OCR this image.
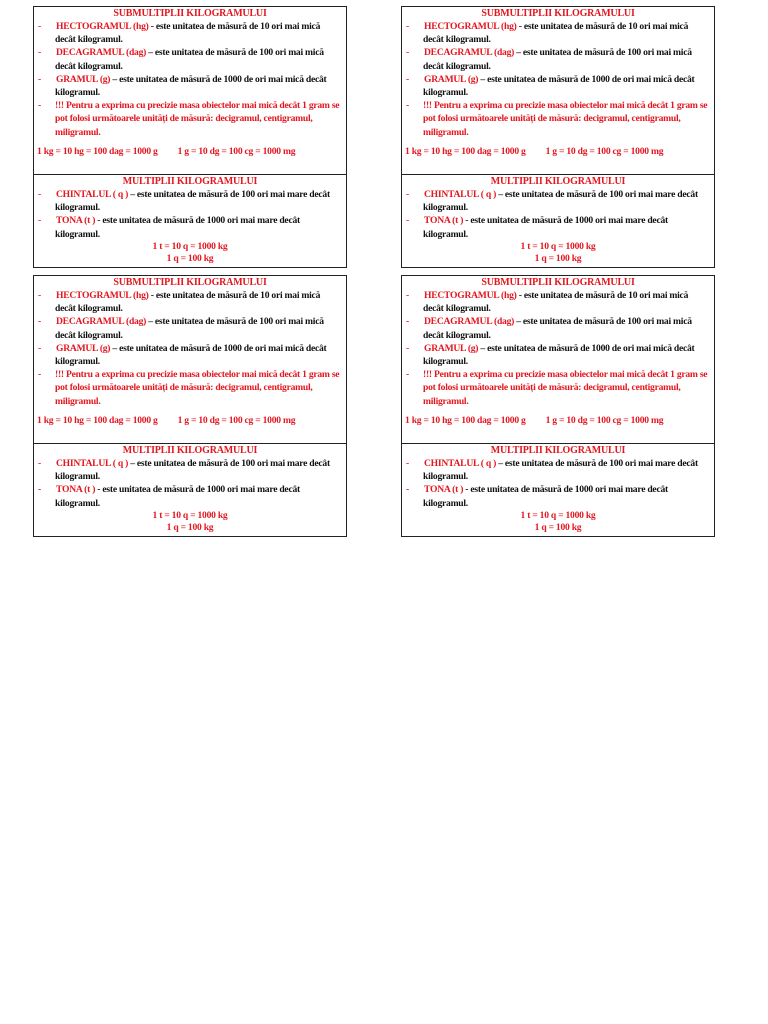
SUBMULTIPLII KILOGRAMULUI
- HECTOGRAMUL (hg) - este unitatea de măsură de 10 ori mai mică decât kilogramul.
- DECAGRAMUL (dag) – este unitatea de măsură de 100 ori mai mică decât kilogramul.
- GRAMUL (g) – este unitatea de măsură de 1000 de ori mai mică decât kilogramul.
- !!! Pentru a exprima cu precizie masa obiectelor mai mică decât 1 gram se pot folosi următoarele unități de măsură: decigramul, centigramul, miligramul.
1 kg = 10 hg = 100 dag = 1000 g 1 g = 10 dg = 100 cg = 1000 mg
MULTIPLII KILOGRAMULUI
- CHINTALUL ( q ) – este unitatea de măsură de 100 ori mai mare decât kilogramul.
- TONA (t ) - este unitatea de măsură de 1000 ori mai mare decât kilogramul.
1 t = 10 q = 1000 kg
1 q = 100 kg
SUBMULTIPLII KILOGRAMULUI
- HECTOGRAMUL (hg) - este unitatea de măsură de 10 ori mai mică decât kilogramul.
- DECAGRAMUL (dag) – este unitatea de măsură de 100 ori mai mică decât kilogramul.
- GRAMUL (g) – este unitatea de măsură de 1000 de ori mai mică decât kilogramul.
- !!! Pentru a exprima cu precizie masa obiectelor mai mică decât 1 gram se pot folosi următoarele unități de măsură: decigramul, centigramul, miligramul.
1 kg = 10 hg = 100 dag = 1000 g 1 g = 10 dg = 100 cg = 1000 mg
MULTIPLII KILOGRAMULUI
- CHINTALUL ( q ) – este unitatea de măsură de 100 ori mai mare decât kilogramul.
- TONA (t ) - este unitatea de măsură de 1000 ori mai mare decât kilogramul.
1 t = 10 q = 1000 kg
1 q = 100 kg
SUBMULTIPLII KILOGRAMULUI
- HECTOGRAMUL (hg) - este unitatea de măsură de 10 ori mai mică decât kilogramul.
- DECAGRAMUL (dag) – este unitatea de măsură de 100 ori mai mică decât kilogramul.
- GRAMUL (g) – este unitatea de măsură de 1000 de ori mai mică decât kilogramul.
- !!! Pentru a exprima cu precizie masa obiectelor mai mică decât 1 gram se pot folosi următoarele unități de măsură: decigramul, centigramul, miligramul.
1 kg = 10 hg = 100 dag = 1000 g 1 g = 10 dg = 100 cg = 1000 mg
MULTIPLII KILOGRAMULUI
- CHINTALUL ( q ) – este unitatea de măsură de 100 ori mai mare decât kilogramul.
- TONA (t ) - este unitatea de măsură de 1000 ori mai mare decât kilogramul.
1 t = 10 q = 1000 kg
1 q = 100 kg
SUBMULTIPLII KILOGRAMULUI
- HECTOGRAMUL (hg) - este unitatea de măsură de 10 ori mai mică decât kilogramul.
- DECAGRAMUL (dag) – este unitatea de măsură de 100 ori mai mică decât kilogramul.
- GRAMUL (g) – este unitatea de măsură de 1000 de ori mai mică decât kilogramul.
- !!! Pentru a exprima cu precizie masa obiectelor mai mică decât 1 gram se pot folosi următoarele unități de măsură: decigramul, centigramul, miligramul.
1 kg = 10 hg = 100 dag = 1000 g 1 g = 10 dg = 100 cg = 1000 mg
MULTIPLII KILOGRAMULUI
- CHINTALUL ( q ) – este unitatea de măsură de 100 ori mai mare decât kilogramul.
- TONA (t ) - este unitatea de măsură de 1000 ori mai mare decât kilogramul.
1 t = 10 q = 1000 kg
1 q = 100 kg
